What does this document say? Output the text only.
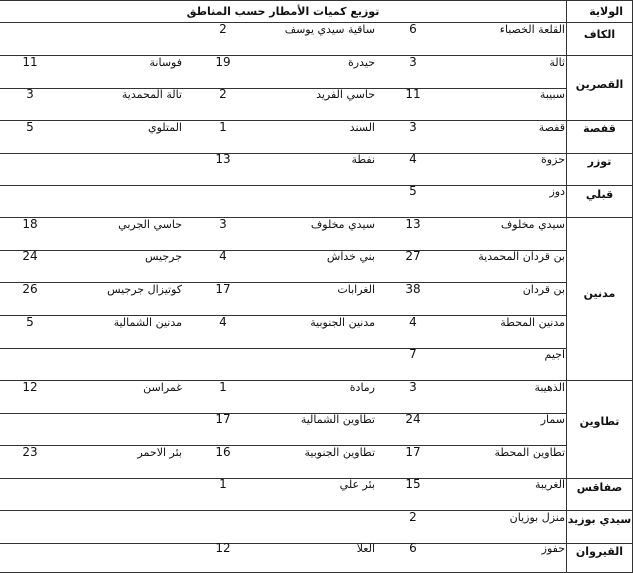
الولاية
توزيع كميات الأمطار حسب المناطق
الكاف
القصرين
قفصة
توزر
قبلي
مدنين
تطاوين
صفاقس
سيدي بوزيد
القيروان
القلعة الخصباء
6
ساقية سيدي يوسف
2
ثالة
3
حيدرة
19
فوسانة
11
سبيبة
11
حاسي الفريد
2
تالة المحمدية
3
قفصة
3
السند
1
المتلوي
5
حزوة
4
نفطة
13
دوز
5
سيدي مخلوف
13
سيدي مخلوف
3
حاسي الجربي
18
بن قردان المحمدية
27
بني خداش
4
جرجيس
24
بن قردان
38
الغرابات
17
كوتيزال جرجيس
26
مدنين المحطة
4
مدنين الجنوبية
4
مدنين الشمالية
5
اجيم
7
الذهيبة
3
رمادة
1
غمراسن
12
سمار
24
تطاوين الشمالية
17
تطاوين المحطة
17
تطاوين الجنوبية
16
بئر الاحمر
23
الغريبة
15
بئر علي
1
منزل بوزيان
2
حفوز
6
العلا
12
